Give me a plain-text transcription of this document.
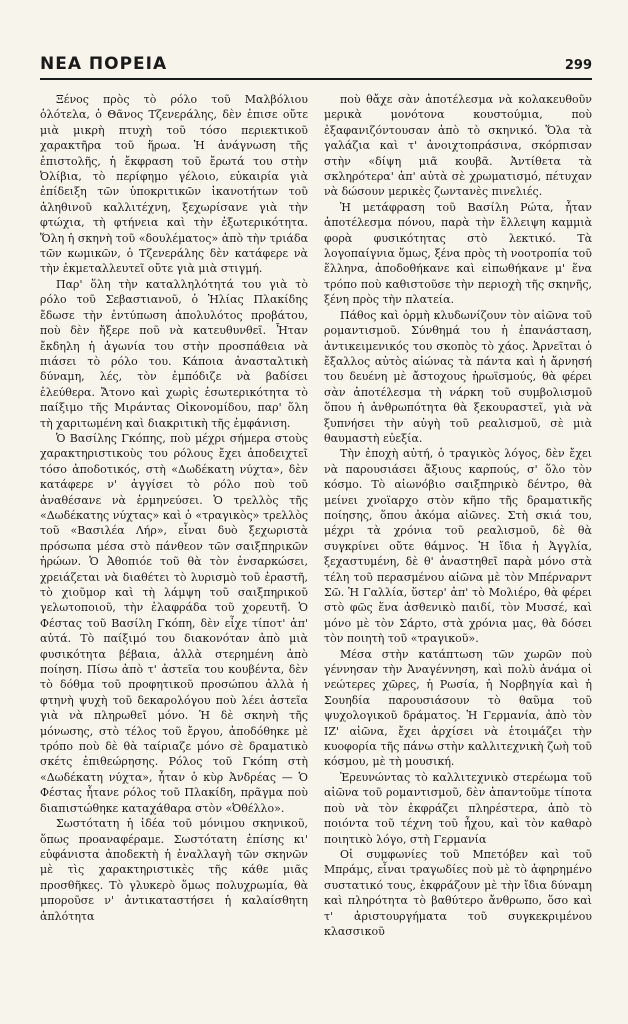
ΝΕΑ ΠΟΡΕΙΑ	299

Ξένος πρὸς τὸ ρόλο τοῦ Μαλβόλιου ὁλότελα, ὁ Θᾶνος Τζενεράλης, δὲν ἐπισε οὔτε μιὰ μικρὴ πτυχὴ τοῦ τόσο περιεκτικοῦ χαρακτῆρα τοῦ ἥρωα. Ἡ ἀνάγνωση τῆς ἐπιστολῆς, ἡ ἔκφραση τοῦ ἔρωτά του στὴν Ὀλίβια, τὸ περίφημο γέλοιο, εὐκαιρία γιὰ ἐπίδειξη τῶν ὑποκριτικῶν ἱκανοτήτων τοῦ ἀληθινοῦ καλλιτέχνη, ξεχωρίσανε γιὰ τὴν φτώχια, τὴ φτήνεια καὶ τὴν ἐξωτερικότητα. Ὅλη ἡ σκηνὴ τοῦ «δουλέματος» ἀπὸ τὴν τριάδα τῶν κωμικῶν, ὁ Τζενεράλης δὲν κατάφερε νὰ τὴν ἐκμεταλλευτεῖ οὔτε γιὰ μιὰ στιγμή.

Παρ' ὅλη τὴν καταλληλότητά του γιὰ τὸ ρόλο τοῦ Σεβαστιανοῦ, ὁ Ἠλίας Πλακίδης ἔδωσε τὴν ἐντύπωση ἀπολυλότος προβάτου, ποὺ δὲν ἤξερε ποῦ νὰ κατευθυνθεῖ. Ἦταν ἔκδηλη ἡ ἀγωνία του στὴν προσπάθεια νὰ πιάσει τὸ ρόλο του. Κάποια ἀνασταλτικὴ δύναμη, λές, τὸν ἐμπόδιζε νὰ βαδίσει ἐλεύθερα. Ἄτονο καὶ χωρὶς ἐσωτερικότητα τὸ παίξιμο τῆς Μιράντας Οἰκονομίδου, παρ' ὅλη τὴ χαριτωμένη καὶ διακριτικὴ τῆς ἐμφάνιση.

Ὁ Βασίλης Γκόπης, ποὺ μέχρι σήμερα στοὺς χαρακτηριστικοὺς του ρόλους ἔχει ἀποδειχτεῖ τόσο ἀποδοτικός, στὴ «Δωδέκατη νύχτα», δὲν κατάφερε ν' ἀγγίσει τὸ ρόλο ποὺ τοῦ ἀναθέσανε νὰ ἑρμηνεύσει. Ὁ τρελλὸς τῆς «Δωδέκατης νύχτας» καὶ ὁ «τραγικὸς» τρελλὸς τοῦ «Βασιλέα Λήρ», εἶναι δυὸ ξεχωριστὰ πρόσωπα μέσα στὸ πάνθεον τῶν σαιξπηρικῶν ἡρώων. Ὁ Ἀθοπιόε τοῦ θὰ τὸν ἐνσαρκώσει, χρειάζεται νὰ διαθέτει τὸ λυρισμὸ τοῦ ἐραστῆ, τὸ χιοῦμορ καὶ τὴ λάμψη τοῦ σαιξπηρικοῦ γελωτοποιοῦ, τὴν ἐλαφράδα τοῦ χορευτῆ. Ὁ Φέστας τοῦ Βασίλη Γκόπη, δὲν εἶχε τίποτ' ἀπ' αὐτά. Τὸ παίξιμό του διακονόταν ἀπὸ μιὰ φυσικότητα βέβαια, ἀλλὰ στερημένη ἀπὸ ποίηση. Πίσω ἀπὸ τ' ἀστεῖα του κουβέντα, δὲν τὸ δόθμα τοῦ προφητικοῦ προσώπου ἀλλὰ ἡ φτηνὴ ψυχὴ τοῦ δεκαρολόγου ποὺ λέει ἀστεῖα γιὰ νὰ πληρωθεῖ μόνο. Ἡ δὲ σκηνὴ τῆς μόνωσης, στὸ τέλος τοῦ ἔργου, ἀποδόθηκε μὲ τρόπο ποὺ δὲ θὰ ταίριαζε μόνο σὲ δραματικὸ σκέτς ἐπιθεώρησης. Ρόλος τοῦ Γκόπη στὴ «Δωδέκατη νύχτα», ἦταν ὁ κὺρ Ἀνδρέας — Ὁ Φέστας ἦτανε ρόλος τοῦ Πλακίδη, πρᾶγμα ποὺ διαπιστώθηκε καταχάθαρα στὸν «Ὀθέλλο».

Σωστότατη ἡ ἰδέα τοῦ μόνιμου σκηνικοῦ, ὅπως προαναφέραμε. Σωστότατη ἐπίσης κι' εὐφάνιστα ἀποδεκτὴ ἡ ἐναλλαγὴ τῶν σκηνῶν μὲ τὶς χαρακτηριστικὲς τῆς κάθε μιᾶς προσθῆκες. Τὸ γλυκερὸ ὅμως πολυχρωμία, θὰ μποροῦσε ν' ἀντικαταστήσει ἡ καλαίσθητη ἁπλότητα

ποὺ θἄχε σὰν ἀποτέλεσμα νὰ κολακευθοῦν μερικὰ μονότονα κουστούμια, ποὺ ἐξαφανιζόντουσαν ἀπὸ τὸ σκηνικό. Ὅλα τὰ γαλάζια καὶ τ' ἀνοιχτοπράσινα, σκόρπισαν στὴν «δίψη μιᾶ κουβᾶ. Ἀντίθετα τὰ σκληρότερα' ἀπ' αὐτὰ σὲ χρωματισμό, πέτυχαν νὰ δώσουν μερικὲς ζωντανὲς πινελιές.

Ἡ μετάφραση τοῦ Βασίλη Ρώτα, ἦταν ἀποτέλεσμα πόνου, παρὰ τὴν ἔλλειψη καμμιὰ φορὰ φυσικότητας στὸ λεκτικό. Τὰ λογοπαίγνια ὅμως, ξένα πρὸς τὴ νοοτροπία τοῦ ἕλληνα, ἀποδοθήκανε καὶ εἰπωθήκανε μ' ἕνα τρόπο ποὺ καθιστοῦσε τὴν περιοχὴ τῆς σκηνῆς, ξένη πρὸς τὴν πλατεία.

Πάθος καὶ ὁρμὴ κλυδωνίζουν τὸν αἰῶνα τοῦ ρομαντισμοῦ. Σύνθημά του ἡ ἐπανάσταση, ἀντικειμενικός του σκοπὸς τὸ χάος. Ἀρνεῖται ὁ ἔξαλλος αὐτὸς αἰώνας τὰ πάντα καὶ ἡ ἄρνησή του δευένη μὲ ἄστοχους ἡρωϊσμούς, θὰ φέρει σὰν ἀποτέλεσμα τὴ νάρκη τοῦ συμβολισμοῦ ὅπου ἡ ἀνθρωπότητα θὰ ξεκουραστεῖ, γιὰ νὰ ξυπνήσει τὴν αὐγὴ τοῦ ρεαλισμοῦ, σὲ μιὰ θαυμαστὴ εὐεξία.

Τὴν ἐποχὴ αὐτή, ὁ τραγικὸς λόγος, δὲν ἔχει νὰ παρουσιάσει ἄξιους καρπούς, σ' ὅλο τὸν κόσμο. Τὸ αἰωνόβιο σαιξπηρικὸ δέντρο, θὰ μείνει χνοϊαρχο στὸν κῆπο τῆς δραματικῆς ποίησης, ὅπου ἀκόμα αἰῶνες. Στὴ σκιά του, μέχρι τὰ χρόνια τοῦ ρεαλισμοῦ, δὲ θὰ συγκρίνει οὔτε θάμνος. Ἡ ἴδια ἡ Ἀγγλία, ξεχαστυμένη, δὲ θ' ἀναστηθεῖ παρὰ μόνο στὰ τέλη τοῦ περασμένου αἰῶνα μὲ τὸν Μπέρναρντ Σῶ. Ἡ Γαλλία, ὕστερ' ἀπ' τὸ Μολιέρο, θὰ φέρει στὸ φῶς ἕνα ἀσθενικὸ παιδί, τὸν Μυσσέ, καὶ μόνο μὲ τὸν Σάρτο, στὰ χρόνια μας, θὰ δόσει τὸν ποιητὴ τοῦ «τραγικοῦ».

Μέσα στὴν κατάπτωση τῶν χωρῶν ποὺ γέννησαν τὴν Ἀναγέννηση, καὶ πολὺ ἀνάμα οἱ νεώτερες χῶρες, ἡ Ρωσία, ἡ Νορβηγία καὶ ἡ Σουηδία παρουσιάσουν τὸ θαῦμα τοῦ ψυχολογικοῦ δράματος. Ἡ Γερμανία, ἀπὸ τὸν ΙΖ' αἰῶνα, ἔχει ἀρχίσει νὰ ἑτοιμάζει τὴν κυοφορία τῆς πάνω στὴν καλλιτεχνικὴ ζωὴ τοῦ κόσμου, μὲ τὴ μουσική.

Ἐρευνώντας τὸ καλλιτεχνικὸ στερέωμα τοῦ αἰῶνα τοῦ ρομαντισμοῦ, δὲν ἀπαντοῦμε τίποτα ποὺ νὰ τὸν ἐκφράζει πληρέστερα, ἀπὸ τὸ ποιόντα τοῦ τέχνη τοῦ ἦχου, καὶ τὸν καθαρὸ ποιητικὸ λόγο, στὴ Γερμανία

Οἱ συμφωνίες τοῦ Μπετόβεν καὶ τοῦ Μπράμς, εἶναι τραγωδίες ποὺ μὲ τὸ ἀφηρημένο συστατικό τους, ἐκφράζουν μὲ τὴν ἴδια δύναμη καὶ πληρότητα τὸ βαθύτερο ἄνθρωπο, ὅσο καὶ τ' ἀριστουργήματα τοῦ συγκεκριμένου κλασσικοῦ
